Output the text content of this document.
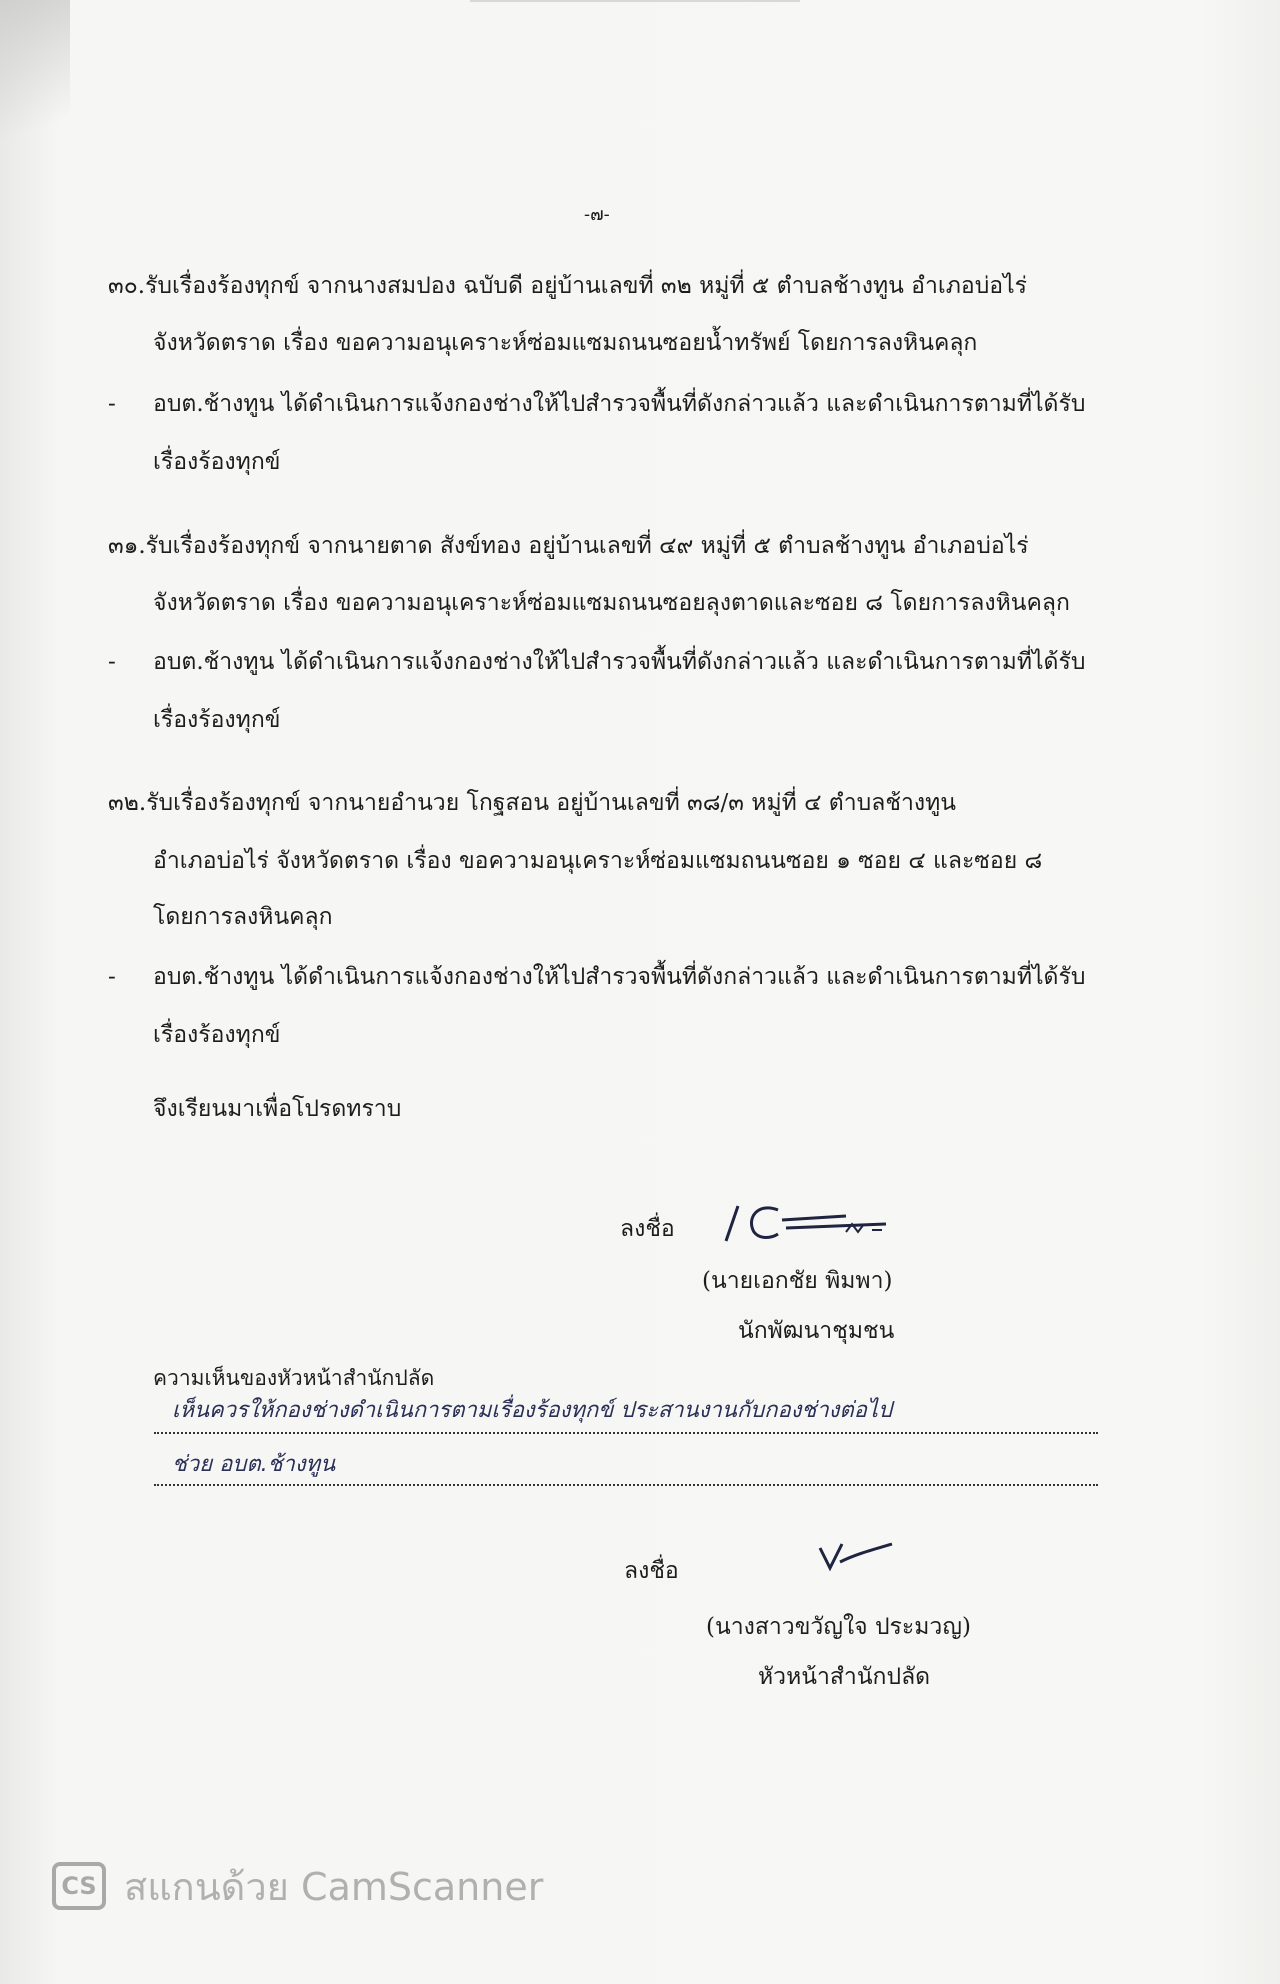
-๗-
๓๐.รับเรื่องร้องทุกข์ จากนางสมปอง ฉบับดี อยู่บ้านเลขที่ ๓๒ หมู่ที่ ๕ ตำบลช้างทูน อำเภอบ่อไร่
จังหวัดตราด เรื่อง ขอความอนุเคราะห์ซ่อมแซมถนนซอยน้ำทรัพย์ โดยการลงหินคลุก
- อบต.ช้างทูน ได้ดำเนินการแจ้งกองช่างให้ไปสำรวจพื้นที่ดังกล่าวแล้ว และดำเนินการตามที่ได้รับ
เรื่องร้องทุกข์
๓๑.รับเรื่องร้องทุกข์ จากนายตาด สังข์ทอง อยู่บ้านเลขที่ ๔๙ หมู่ที่ ๕ ตำบลช้างทูน อำเภอบ่อไร่
จังหวัดตราด เรื่อง ขอความอนุเคราะห์ซ่อมแซมถนนซอยลุงตาดและซอย ๘ โดยการลงหินคลุก
- อบต.ช้างทูน ได้ดำเนินการแจ้งกองช่างให้ไปสำรวจพื้นที่ดังกล่าวแล้ว และดำเนินการตามที่ได้รับ
เรื่องร้องทุกข์
๓๒.รับเรื่องร้องทุกข์ จากนายอำนวย โกฐสอน อยู่บ้านเลขที่ ๓๘/๓ หมู่ที่ ๔ ตำบลช้างทูน
อำเภอบ่อไร่ จังหวัดตราด เรื่อง ขอความอนุเคราะห์ซ่อมแซมถนนซอย ๑ ซอย ๔ และซอย ๘
โดยการลงหินคลุก
- อบต.ช้างทูน ได้ดำเนินการแจ้งกองช่างให้ไปสำรวจพื้นที่ดังกล่าวแล้ว และดำเนินการตามที่ได้รับ
เรื่องร้องทุกข์
จึงเรียนมาเพื่อโปรดทราบ
ลงชื่อ
(นายเอกชัย พิมพา)
นักพัฒนาชุมชน
ความเห็นของหัวหน้าสำนักปลัด
เห็นควรให้กองช่างดำเนินการตามเรื่องร้องทุกข์ ประสานงานกับกองช่างต่อไป
ช่วย อบต.ช้างทูน
ลงชื่อ
(นางสาวขวัญใจ ประมวญ)
หัวหน้าสำนักปลัด
CS สแกนด้วย CamScanner
